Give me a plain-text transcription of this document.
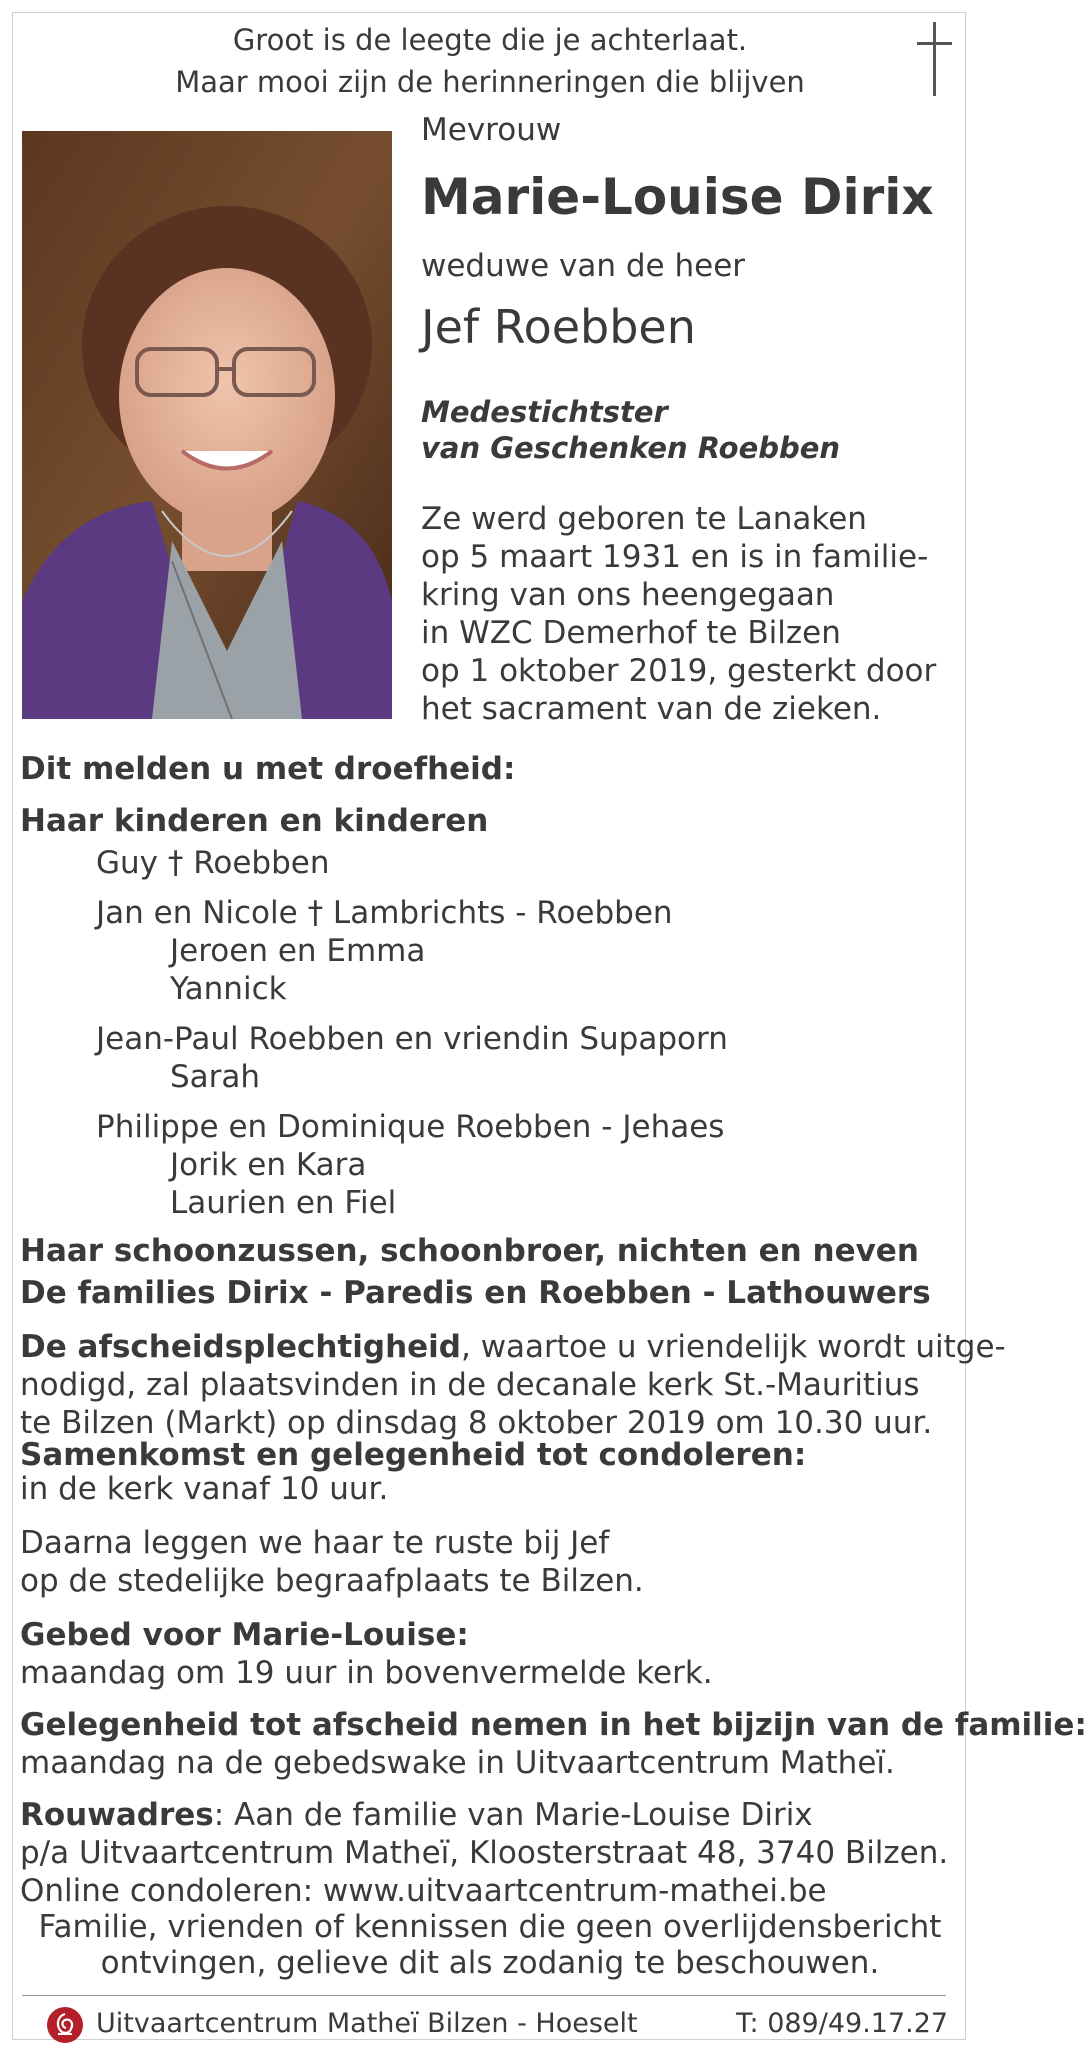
Groot is de leegte die je achterlaat.
Maar mooi zijn de herinneringen die blijven
Mevrouw
Marie-Louise Dirix
weduwe van de heer
Jef Roebben
Medestichtster
van Geschenken Roebben
Ze werd geboren te Lanaken
op 5 maart 1931 en is in familie-
kring van ons heengegaan
in WZC Demerhof te Bilzen
op 1 oktober 2019, gesterkt door
het sacrament van de zieken.
Dit melden u met droefheid:
Haar kinderen en kinderen
Guy † Roebben
Jan en Nicole † Lambrichts - Roebben
Jeroen en Emma
Yannick
Jean-Paul Roebben en vriendin Supaporn
Sarah
Philippe en Dominique Roebben - Jehaes
Jorik en Kara
Laurien en Fiel
Haar schoonzussen, schoonbroer, nichten en neven
De families Dirix - Paredis en Roebben - Lathouwers
De afscheidsplechtigheid, waartoe u vriendelijk wordt uitge-
nodigd, zal plaatsvinden in de decanale kerk St.-Mauritius
te Bilzen (Markt) op dinsdag 8 oktober 2019 om 10.30 uur.
Samenkomst en gelegenheid tot condoleren:
in de kerk vanaf 10 uur.
Daarna leggen we haar te ruste bij Jef
op de stedelijke begraafplaats te Bilzen.
Gebed voor Marie-Louise:
maandag om 19 uur in bovenvermelde kerk.
Gelegenheid tot afscheid nemen in het bijzijn van de familie:
maandag na de gebedswake in Uitvaartcentrum Matheï.
Rouwadres: Aan de familie van Marie-Louise Dirix
p/a Uitvaartcentrum Matheï, Kloosterstraat 48, 3740 Bilzen.
Online condoleren: www.uitvaartcentrum-mathei.be
Familie, vrienden of kennissen die geen overlijdensbericht
ontvingen, gelieve dit als zodanig te beschouwen.
Uitvaartcentrum Matheï Bilzen - Hoeselt	T: 089/49.17.27
